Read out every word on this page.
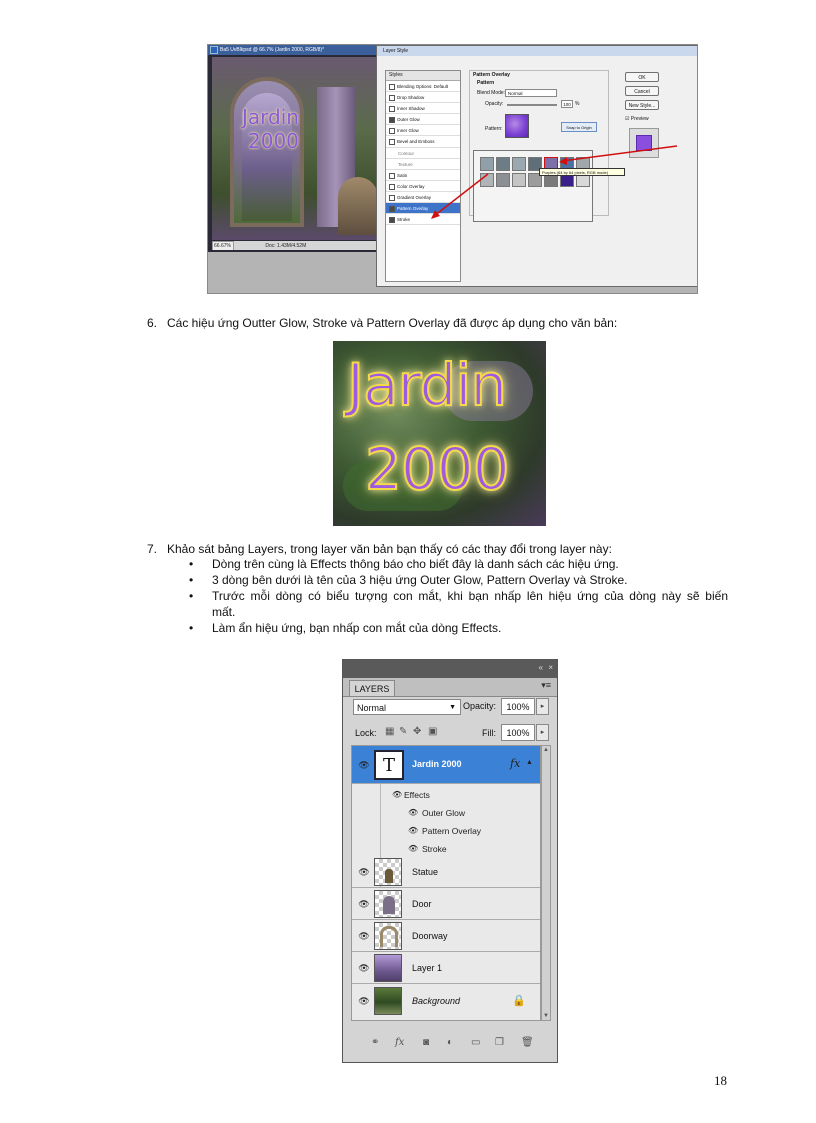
Ba5 UvBlkpsd @ 66.7% (Jardin 2000, RGB/8)*
Jardin
2000
66.67%	Doc: 1.43M/4.52M
Layer Style
Styles
Blending Options: Default
Drop Shadow
Inner Shadow
Outer Glow
Inner Glow
Bevel and Emboss
Contour
Texture
Satin
Color Overlay
Gradient Overlay
Pattern Overlay
Stroke
Pattern Overlay
Pattern
Blend Mode: Normal
Opacity:	100 %
Pattern:	Snap to Origin
Purples (64 by 64 pixels, RGB mode)
OK
Cancel
New Style...
☑ Preview
6. Các hiệu ứng Outter Glow, Stroke và Pattern Overlay đã được áp dụng cho văn bản:
Jardin
2000
7. Khảo sát bảng Layers, trong layer văn bản bạn thấy có các thay đổi trong layer này:
• Dòng trên cùng là Effects thông báo cho biết đây là danh sách các hiệu ứng.
• 3 dòng bên dưới là tên của 3 hiệu ứng Outer Glow, Pattern Overlay và Stroke.
• Trước mỗi dòng có biểu tượng con mắt, khi bạn nhấp lên hiệu ứng của dòng này sẽ biến
mất.
• Làm ẩn hiệu ứng, bạn nhấp con mắt của dòng Effects.
« ×
LAYERS	▾≡
Normal	▼ Opacity:	100%	▸
Lock: ▦ ✎ ✥ ▣	Fill:	100%	▸
👁 T	Jardin 2000	fx ▲
👁 Effects
👁 Outer Glow
👁 Pattern Overlay
👁 Stroke
👁	Statue
👁	Door
👁	Doorway
👁	Layer 1
👁	Background	🔒
▲
▼
⚭ fx ◙ ◐ ▭ ❐ 🗑
18
